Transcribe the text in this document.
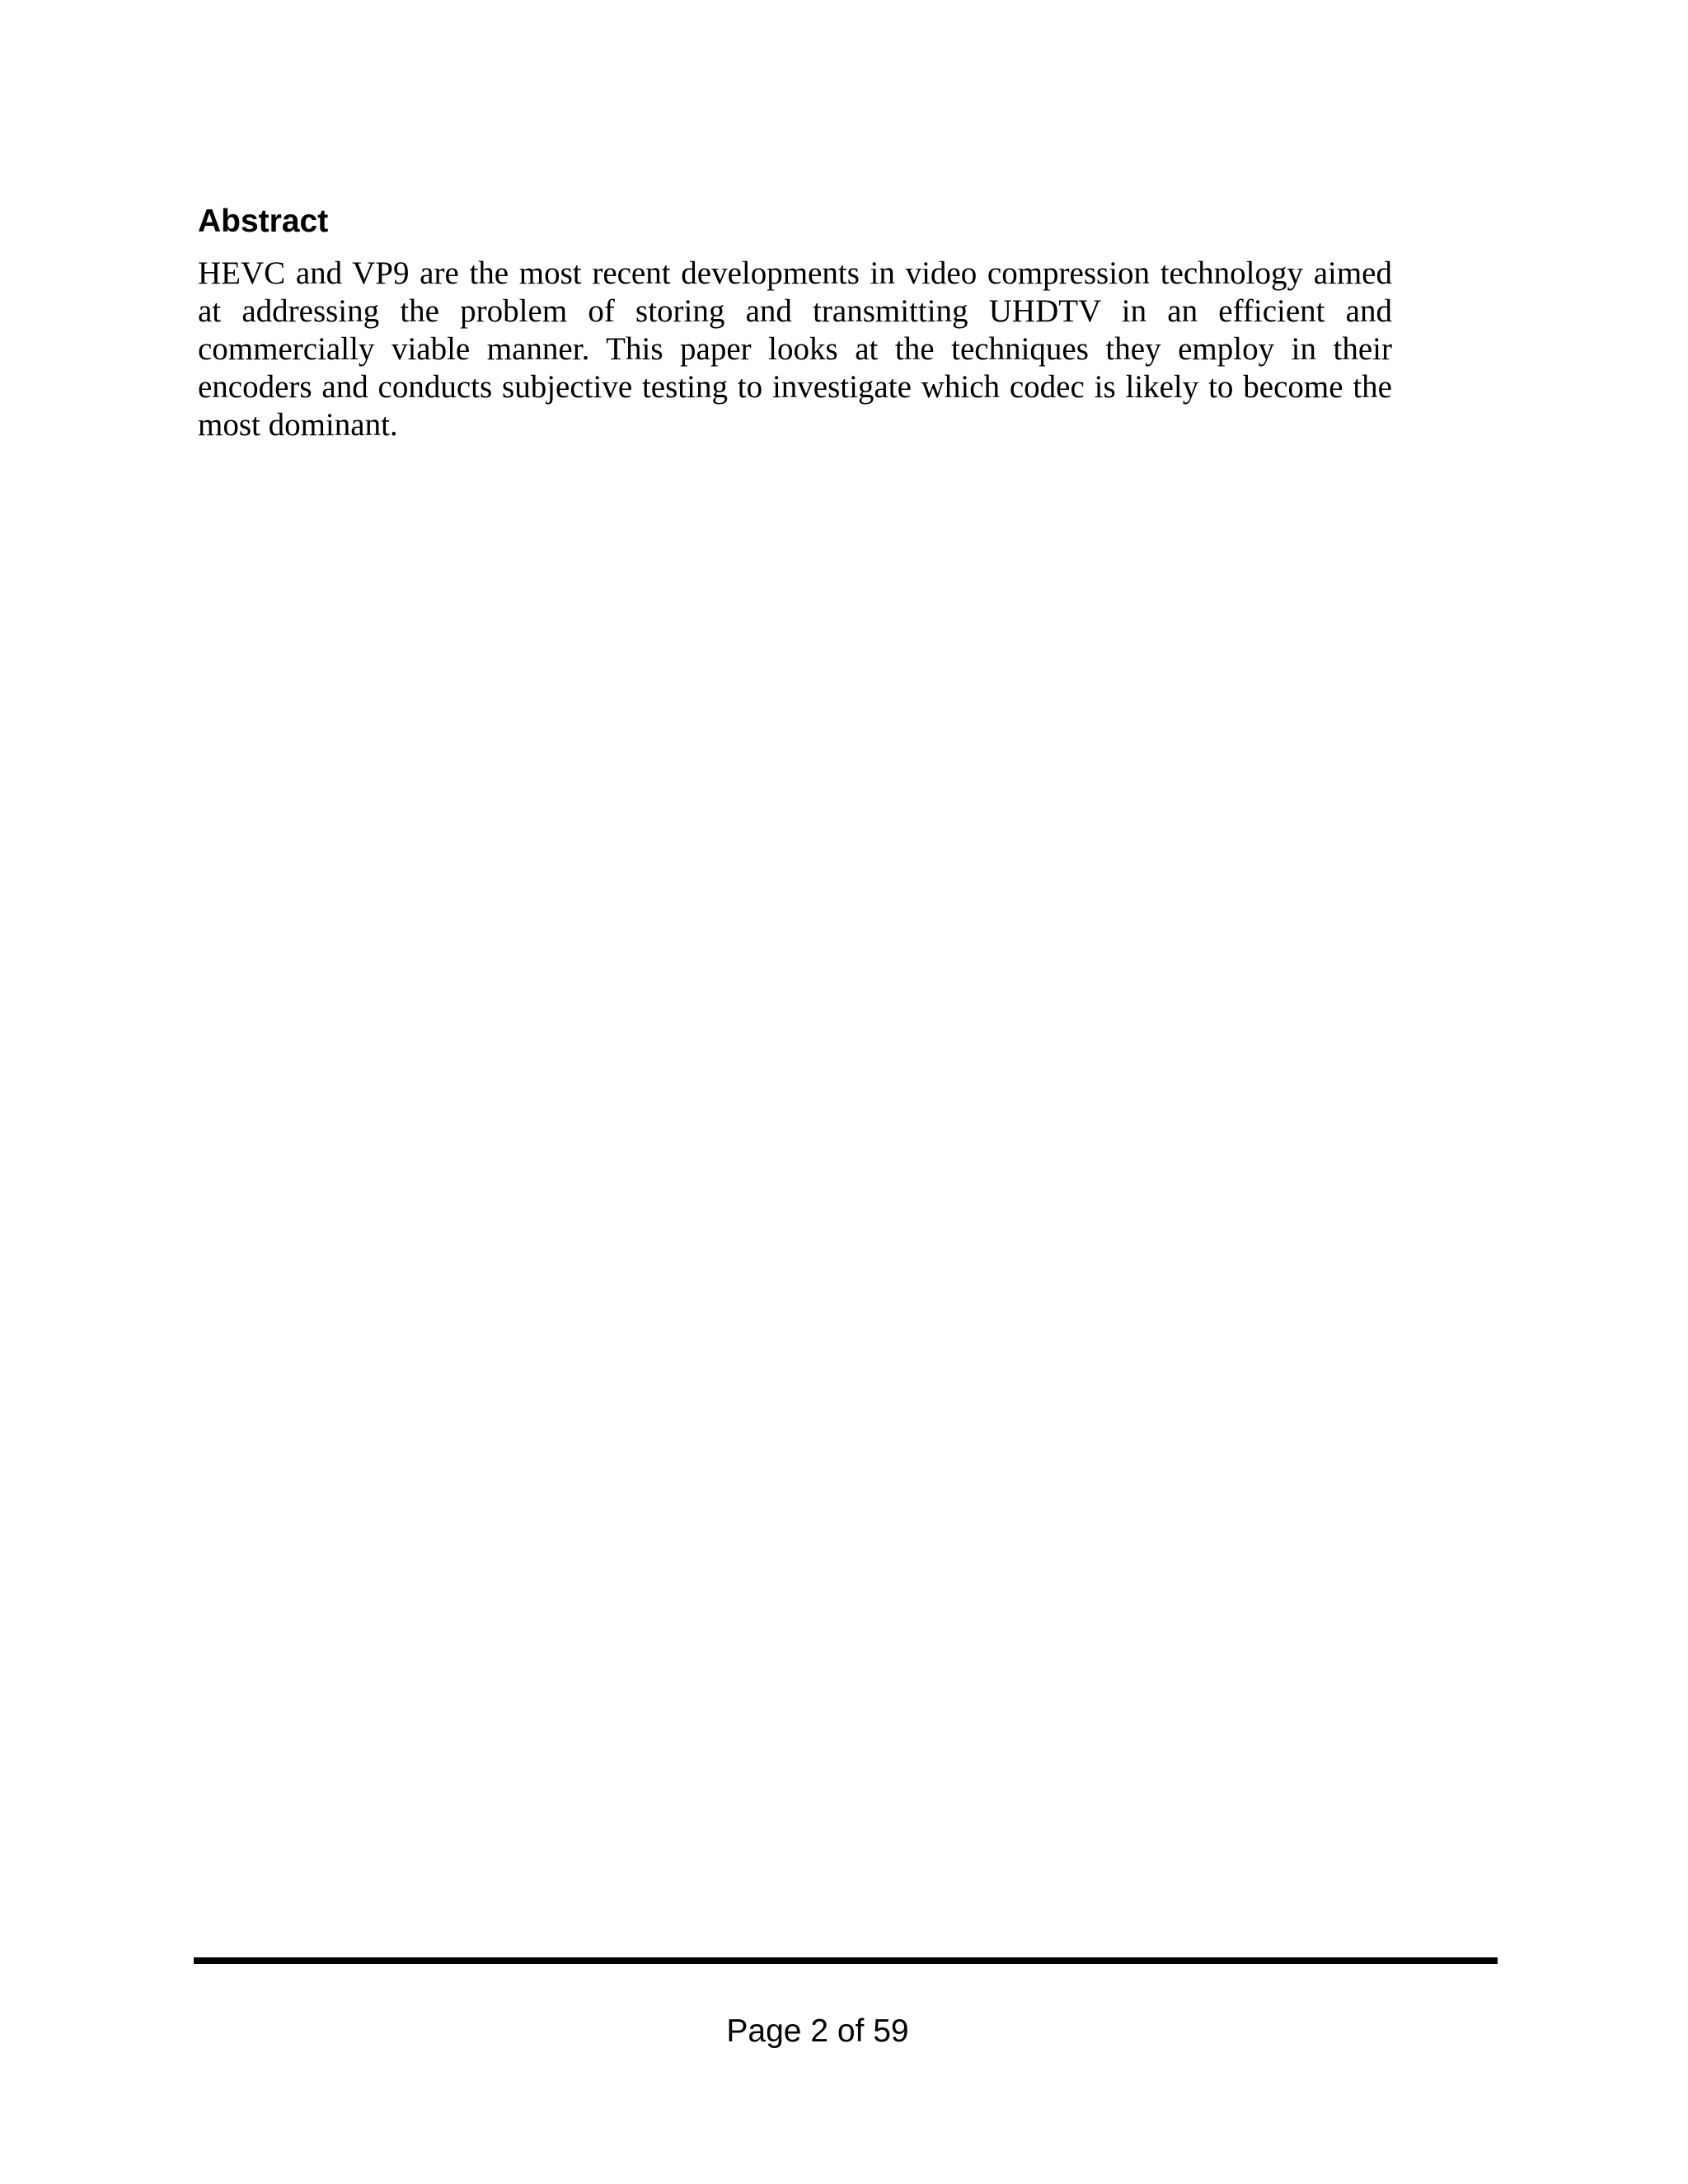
Abstract

HEVC and VP9 are the most recent developments in video compression technology aimed at addressing the problem of storing and transmitting UHDTV in an efficient and commercially viable manner. This paper looks at the techniques they employ in their encoders and conducts subjective testing to investigate which codec is likely to become the most dominant.

Page 2 of 59
